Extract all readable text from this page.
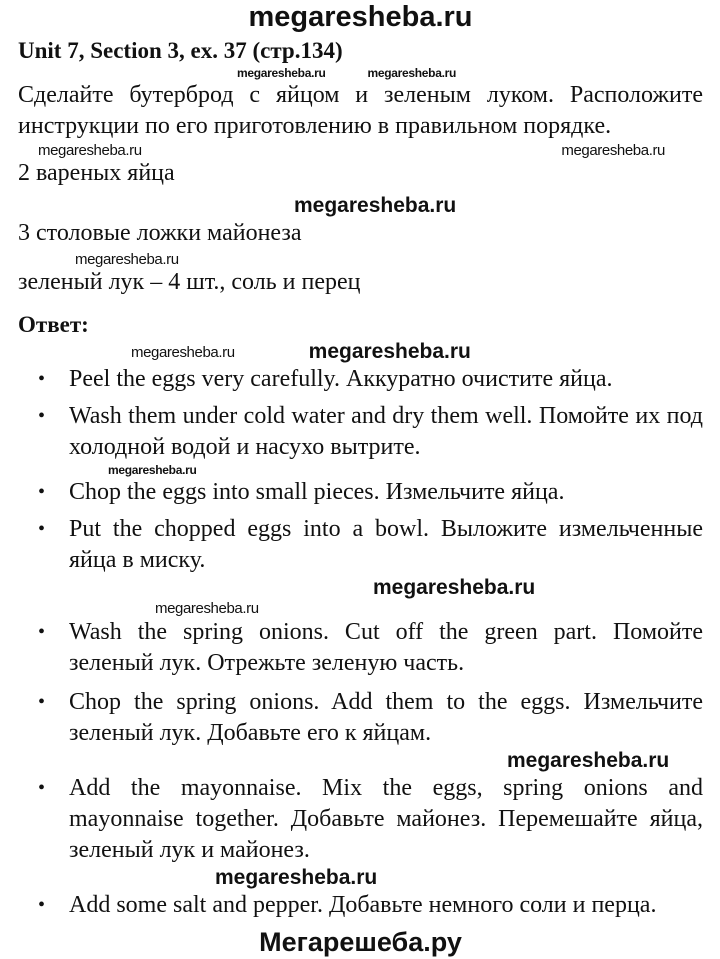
megaresheba.ru
Unit 7, Section 3, ex. 37 (стр.134)
megaresheba.ru	megaresheba.ru
Сделайте бутерброд с яйцом и зеленым луком. Расположите инструкции по его приготовлению в правильном порядке.
megaresheba.ru	megaresheba.ru
2 вареных яйца
megaresheba.ru
3 столовые ложки майонеза
megaresheba.ru
зеленый лук – 4 шт., соль и перец
Ответ:
megaresheba.ru	megaresheba.ru
• Peel the eggs very carefully. Аккуратно очистите яйца.
• Wash them under cold water and dry them well. Помойте их под холодной водой и насухо вытрите.
megaresheba.ru
• Chop the eggs into small pieces. Измельчите яйца.
• Put the chopped eggs into a bowl. Выложите измельченные яйца в миску.
megaresheba.ru
megaresheba.ru
• Wash the spring onions. Cut off the green part. Помойте зеленый лук. Отрежьте зеленую часть.
• Chop the spring onions. Add them to the eggs. Измельчите зеленый лук. Добавьте его к яйцам.
megaresheba.ru
• Add the mayonnaise. Mix the eggs, spring onions and mayonnaise together. Добавьте майонез. Перемешайте яйца, зеленый лук и майонез.
megaresheba.ru
• Add some salt and pepper. Добавьте немного соли и перца.
Мегарешеба.ру
